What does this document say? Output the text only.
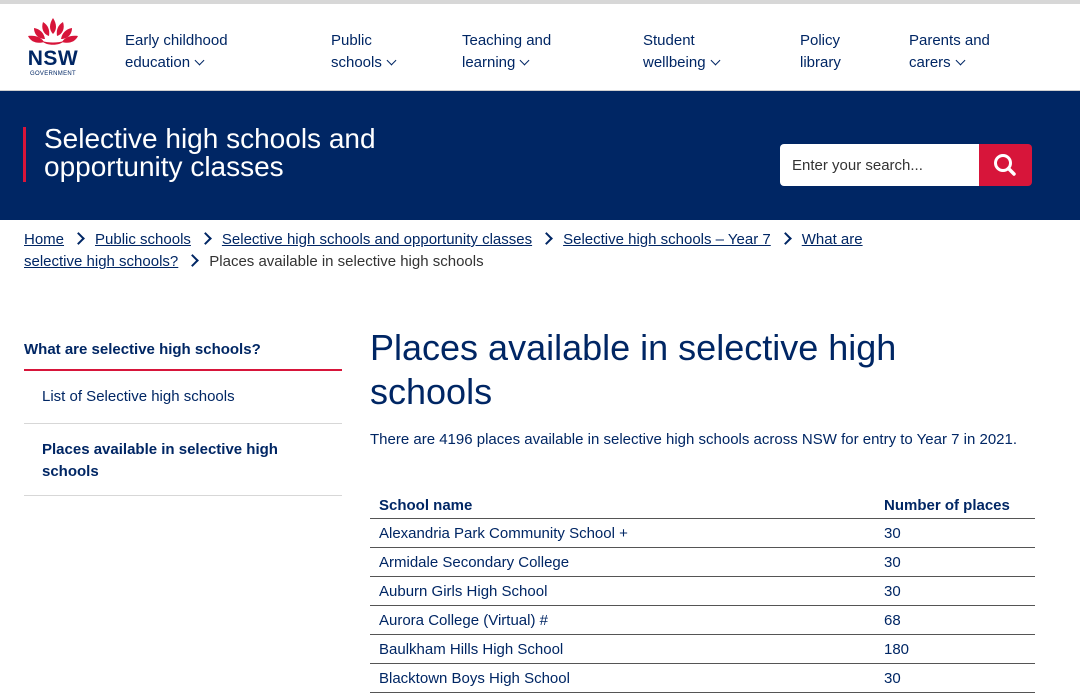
NSW
GOVERNMENT
Early childhood
education
Public
schools
Teaching and
learning
Student
wellbeing
Policy
library
Parents and
carers
Selective high schools and
opportunity classes
Enter your search...
Home Public schools Selective high schools and opportunity classes Selective high schools – Year 7 What are
selective high schools? Places available in selective high schools
What are selective high schools?
List of Selective high schools
Places available in selective high schools
Places available in selective high schools
There are 4196 places available in selective high schools across NSW for entry to Year 7 in 2021.
School name	Number of places
Alexandria Park Community School +	30
Armidale Secondary College	30
Auburn Girls High School	30
Aurora College (Virtual) #	68
Baulkham Hills High School	180
Blacktown Boys High School	30
